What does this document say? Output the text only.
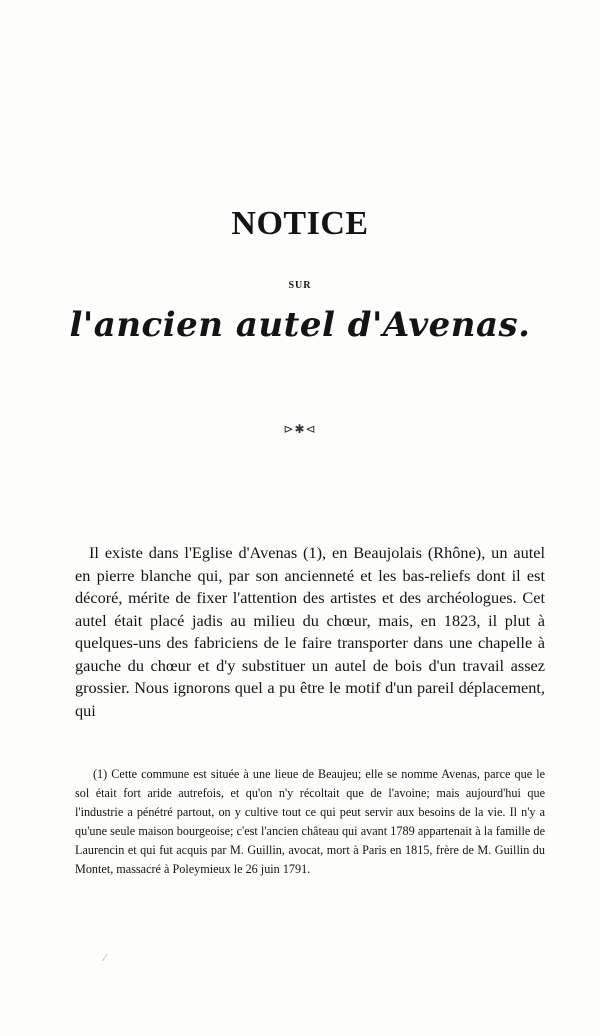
NOTICE
SUR
l'ancien autel d'Avenas.
⊳✱⊲

Il existe dans l'Eglise d'Avenas (1), en Beaujolais (Rhône), un autel en pierre blanche qui, par son ancienneté et les bas-reliefs dont il est décoré, mérite de fixer l'attention des artistes et des archéologues. Cet autel était placé jadis au milieu du chœur, mais, en 1823, il plut à quelques-uns des fabriciens de le faire transporter dans une chapelle à gauche du chœur et d'y substituer un autel de bois d'un travail assez grossier. Nous ignorons quel a pu être le motif d'un pareil déplacement, qui

(1) Cette commune est située à une lieue de Beaujeu; elle se nomme Avenas, parce que le sol était fort aride autrefois, et qu'on n'y récoltait que de l'avoine; mais aujourd'hui que l'industrie a pénétré partout, on y cultive tout ce qui peut servir aux besoins de la vie. Il n'y a qu'une seule maison bourgeoise; c'est l'ancien château qui avant 1789 appartenait à la famille de Laurencin et qui fut acquis par M. Guillin, avocat, mort à Paris en 1815, frère de M. Guillin du Montet, massacré à Poleymieux le 26 juin 1791.

⁄
